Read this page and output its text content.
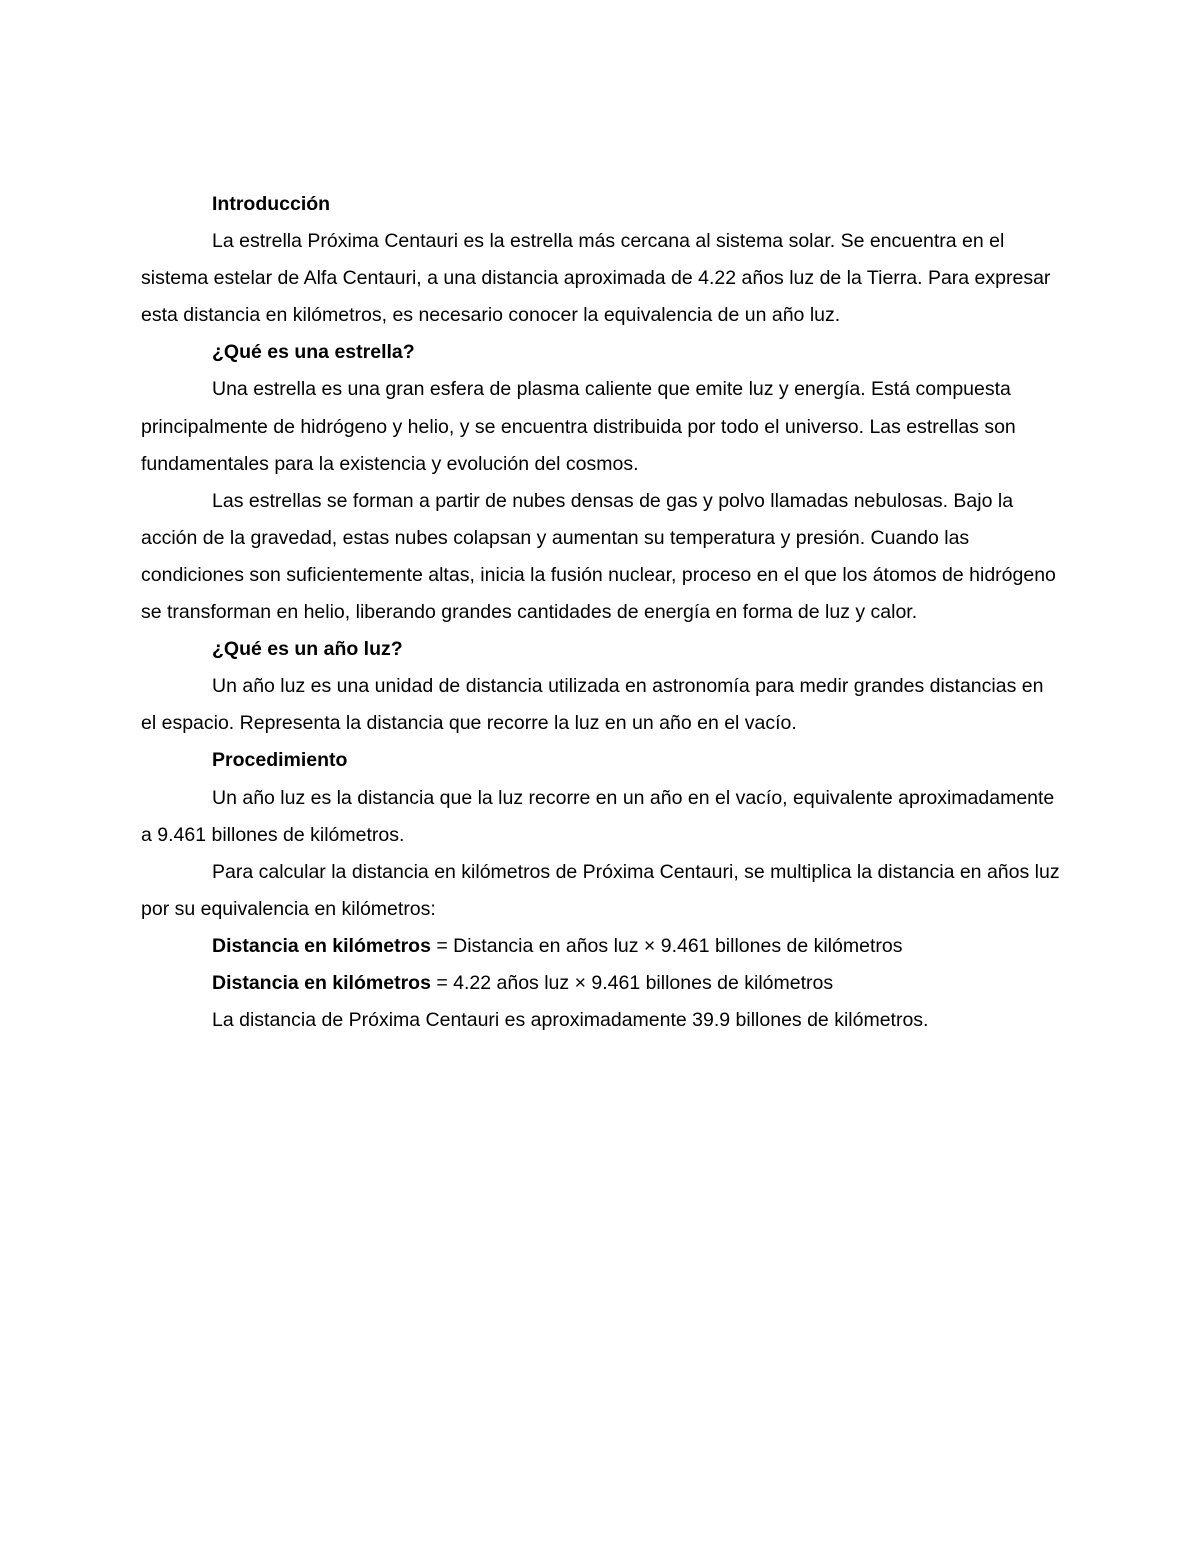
Introducción

La estrella Próxima Centauri es la estrella más cercana al sistema solar. Se encuentra en el sistema estelar de Alfa Centauri, a una distancia aproximada de 4.22 años luz de la Tierra. Para expresar esta distancia en kilómetros, es necesario conocer la equivalencia de un año luz.

¿Qué es una estrella?

Una estrella es una gran esfera de plasma caliente que emite luz y energía. Está compuesta principalmente de hidrógeno y helio, y se encuentra distribuida por todo el universo. Las estrellas son fundamentales para la existencia y evolución del cosmos.

Las estrellas se forman a partir de nubes densas de gas y polvo llamadas nebulosas. Bajo la acción de la gravedad, estas nubes colapsan y aumentan su temperatura y presión. Cuando las condiciones son suficientemente altas, inicia la fusión nuclear, proceso en el que los átomos de hidrógeno se transforman en helio, liberando grandes cantidades de energía en forma de luz y calor.

¿Qué es un año luz?

Un año luz es una unidad de distancia utilizada en astronomía para medir grandes distancias en el espacio. Representa la distancia que recorre la luz en un año en el vacío.

Procedimiento

Un año luz es la distancia que la luz recorre en un año en el vacío, equivalente aproximadamente a 9.461 billones de kilómetros.

Para calcular la distancia en kilómetros de Próxima Centauri, se multiplica la distancia en años luz por su equivalencia en kilómetros:

Distancia en kilómetros = Distancia en años luz × 9.461 billones de kilómetros

Distancia en kilómetros = 4.22 años luz × 9.461 billones de kilómetros

La distancia de Próxima Centauri es aproximadamente 39.9 billones de kilómetros.
